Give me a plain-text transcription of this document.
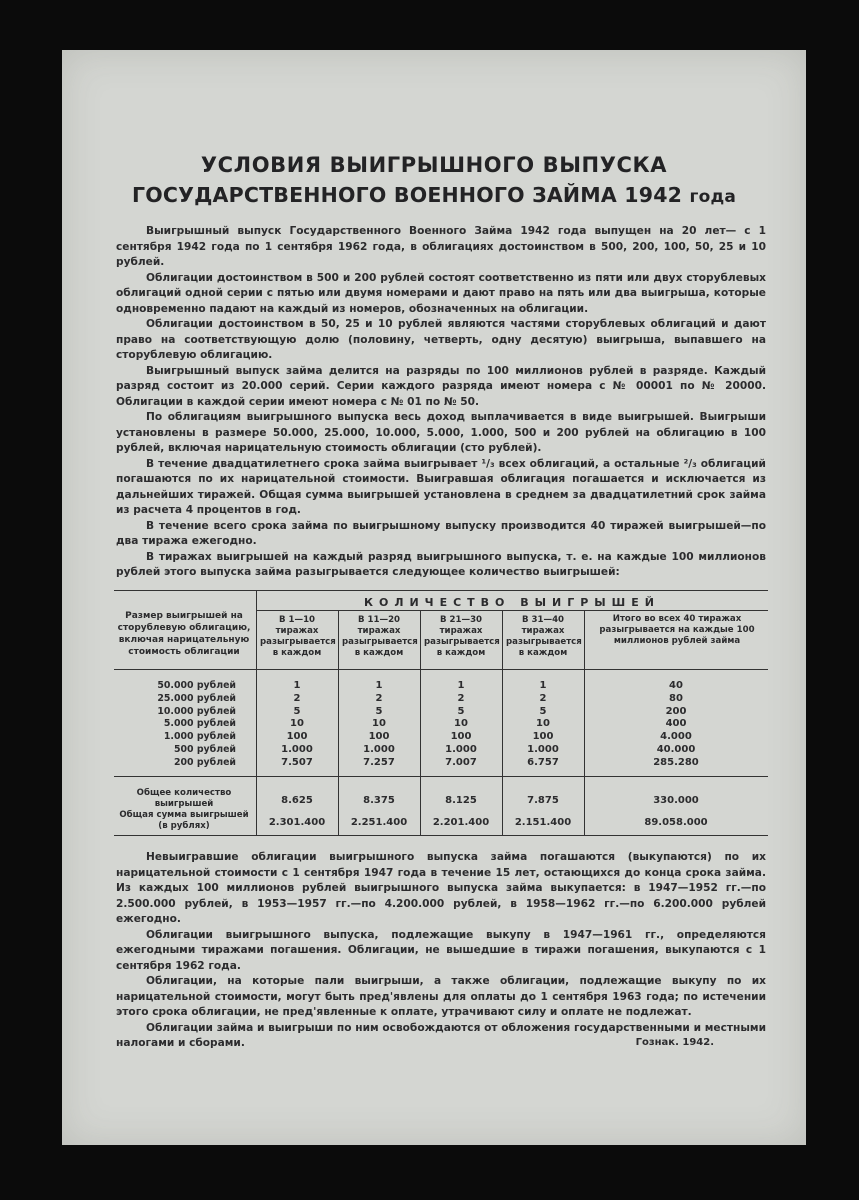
УСЛОВИЯ ВЫИГРЫШНОГО ВЫПУСКА
ГОСУДАРСТВЕННОГО ВОЕННОГО ЗАЙМА 1942 года

Выигрышный выпуск Государственного Военного Займа 1942 года выпущен на 20 лет— с 1 сентября 1942 года по 1 сентября 1962 года, в облигациях достоинством в 500, 200, 100, 50, 25 и 10 рублей.

Облигации достоинством в 500 и 200 рублей состоят соответственно из пяти или двух сторублевых облигаций одной серии с пятью или двумя номерами и дают право на пять или два выигрыша, которые одновременно падают на каждый из номеров, обозначенных на облигации.

Облигации достоинством в 50, 25 и 10 рублей являются частями сторублевых облигаций и дают право на соответствующую долю (половину, четверть, одну десятую) выигрыша, выпавшего на сторублевую облигацию.

Выигрышный выпуск займа делится на разряды по 100 миллионов рублей в разряде. Каждый разряд состоит из 20.000 серий. Серии каждого разряда имеют номера с № 00001 по № 20000. Облигации в каждой серии имеют номера с № 01 по № 50.

По облигациям выигрышного выпуска весь доход выплачивается в виде выигрышей. Выигрыши установлены в размере 50.000, 25.000, 10.000, 5.000, 1.000, 500 и 200 рублей на облигацию в 100 рублей, включая нарицательную стоимость облигации (сто рублей).

В течение двадцатилетнего срока займа выигрывает ¹/₃ всех облигаций, а остальные ²/₃ облигаций погашаются по их нарицательной стоимости. Выигравшая облигация погашается и исключается из дальнейших тиражей. Общая сумма выигрышей установлена в среднем за двадцатилетний срок займа из расчета 4 процентов в год.

В течение всего срока займа по выигрышному выпуску производится 40 тиражей выигрышей—по два тиража ежегодно.

В тиражах выигрышей на каждый разряд выигрышного выпуска, т. е. на каждые 100 миллионов рублей этого выпуска займа разыгрывается следующее количество выигрышей:

Размер выигрышей на сторублевую облигацию, включая нарицательную стоимость облигации
КОЛИЧЕСТВО ВЫИГРЫШЕЙ
В 1—10 тиражах разыгрывается в каждом
В 11—20 тиражах разыгрывается в каждом
В 21—30 тиражах разыгрывается в каждом
В 31—40 тиражах разыгрывается в каждом
Итого во всех 40 тиражах разыгрывается на каждые 100 миллионов рублей займа
50.000 рублей	1	1	1	1	40
25.000 рублей	2	2	2	2	80
10.000 рублей	5	5	5	5	200
5.000 рублей	10	10	10	10	400
1.000 рублей	100	100	100	100	4.000
500 рублей	1.000	1.000	1.000	1.000	40.000
200 рублей	7.507	7.257	7.007	6.757	285.280
Общее количество выигрышей	8.625	8.375	8.125	7.875	330.000
Общая сумма выигрышей (в рублях)	2.301.400	2.251.400	2.201.400	2.151.400	89.058.000

Невыигравшие облигации выигрышного выпуска займа погашаются (выкупаются) по их нарицательной стоимости с 1 сентября 1947 года в течение 15 лет, остающихся до конца срока займа. Из каждых 100 миллионов рублей выигрышного выпуска займа выкупается: в 1947—1952 гг.—по 2.500.000 рублей, в 1953—1957 гг.—по 4.200.000 рублей, в 1958—1962 гг.—по 6.200.000 рублей ежегодно.

Облигации выигрышного выпуска, подлежащие выкупу в 1947—1961 гг., определяются ежегодными тиражами погашения. Облигации, не вышедшие в тиражи погашения, выкупаются с 1 сентября 1962 года.

Облигации, на которые пали выигрыши, а также облигации, подлежащие выкупу по их нарицательной стоимости, могут быть пред'явлены для оплаты до 1 сентября 1963 года; по истечении этого срока облигации, не пред'явленные к оплате, утрачивают силу и оплате не подлежат.

Облигации займа и выигрыши по ним освобождаются от обложения государственными и местными налогами и сборами.	Гознак. 1942.
